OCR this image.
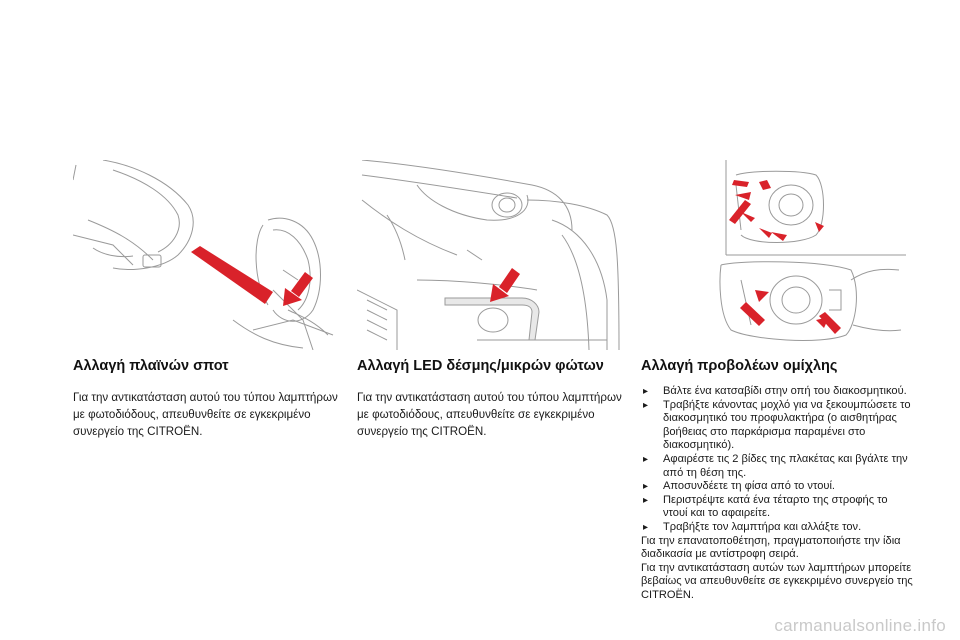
Αλλαγή πλαϊνών σποτ

Για την αντικατάσταση αυτού του τύπου λαμπτήρων με φωτοδιόδους, απευθυνθείτε σε εγκεκριμένο συνεργείο της CITROËN.

Αλλαγή LED δέσμης/μικρών φώτων

Για την αντικατάσταση αυτού του τύπου λαμπτήρων με φωτοδιόδους, απευθυνθείτε σε εγκεκριμένο συνεργείο της CITROËN.

Αλλαγή προβολέων ομίχλης
▸ Βάλτε ένα κατσαβίδι στην οπή του διακοσμητικού.
▸ Τραβήξτε κάνοντας μοχλό για να ξεκουμπώσετε το διακοσμητικό του προφυλακτήρα (ο αισθητήρας βοήθειας στο παρκάρισμα παραμένει στο διακοσμητικό).
▸ Αφαιρέστε τις 2 βίδες της πλακέτας και βγάλτε την από τη θέση της.
▸ Αποσυνδέετε τη φίσα από το ντουί.
▸ Περιστρέψτε κατά ένα τέταρτο της στροφής το ντουί και το αφαιρείτε.
▸ Τραβήξτε τον λαμπτήρα και αλλάξτε τον.

Για την επανατοποθέτηση, πραγματοποιήστε την ίδια διαδικασία με αντίστροφη σειρά.

Για την αντικατάσταση αυτών των λαμπτήρων μπορείτε βεβαίως να απευθυνθείτε σε εγκεκριμένο συνεργείο της CITROËN.

carmanualsonline.info
